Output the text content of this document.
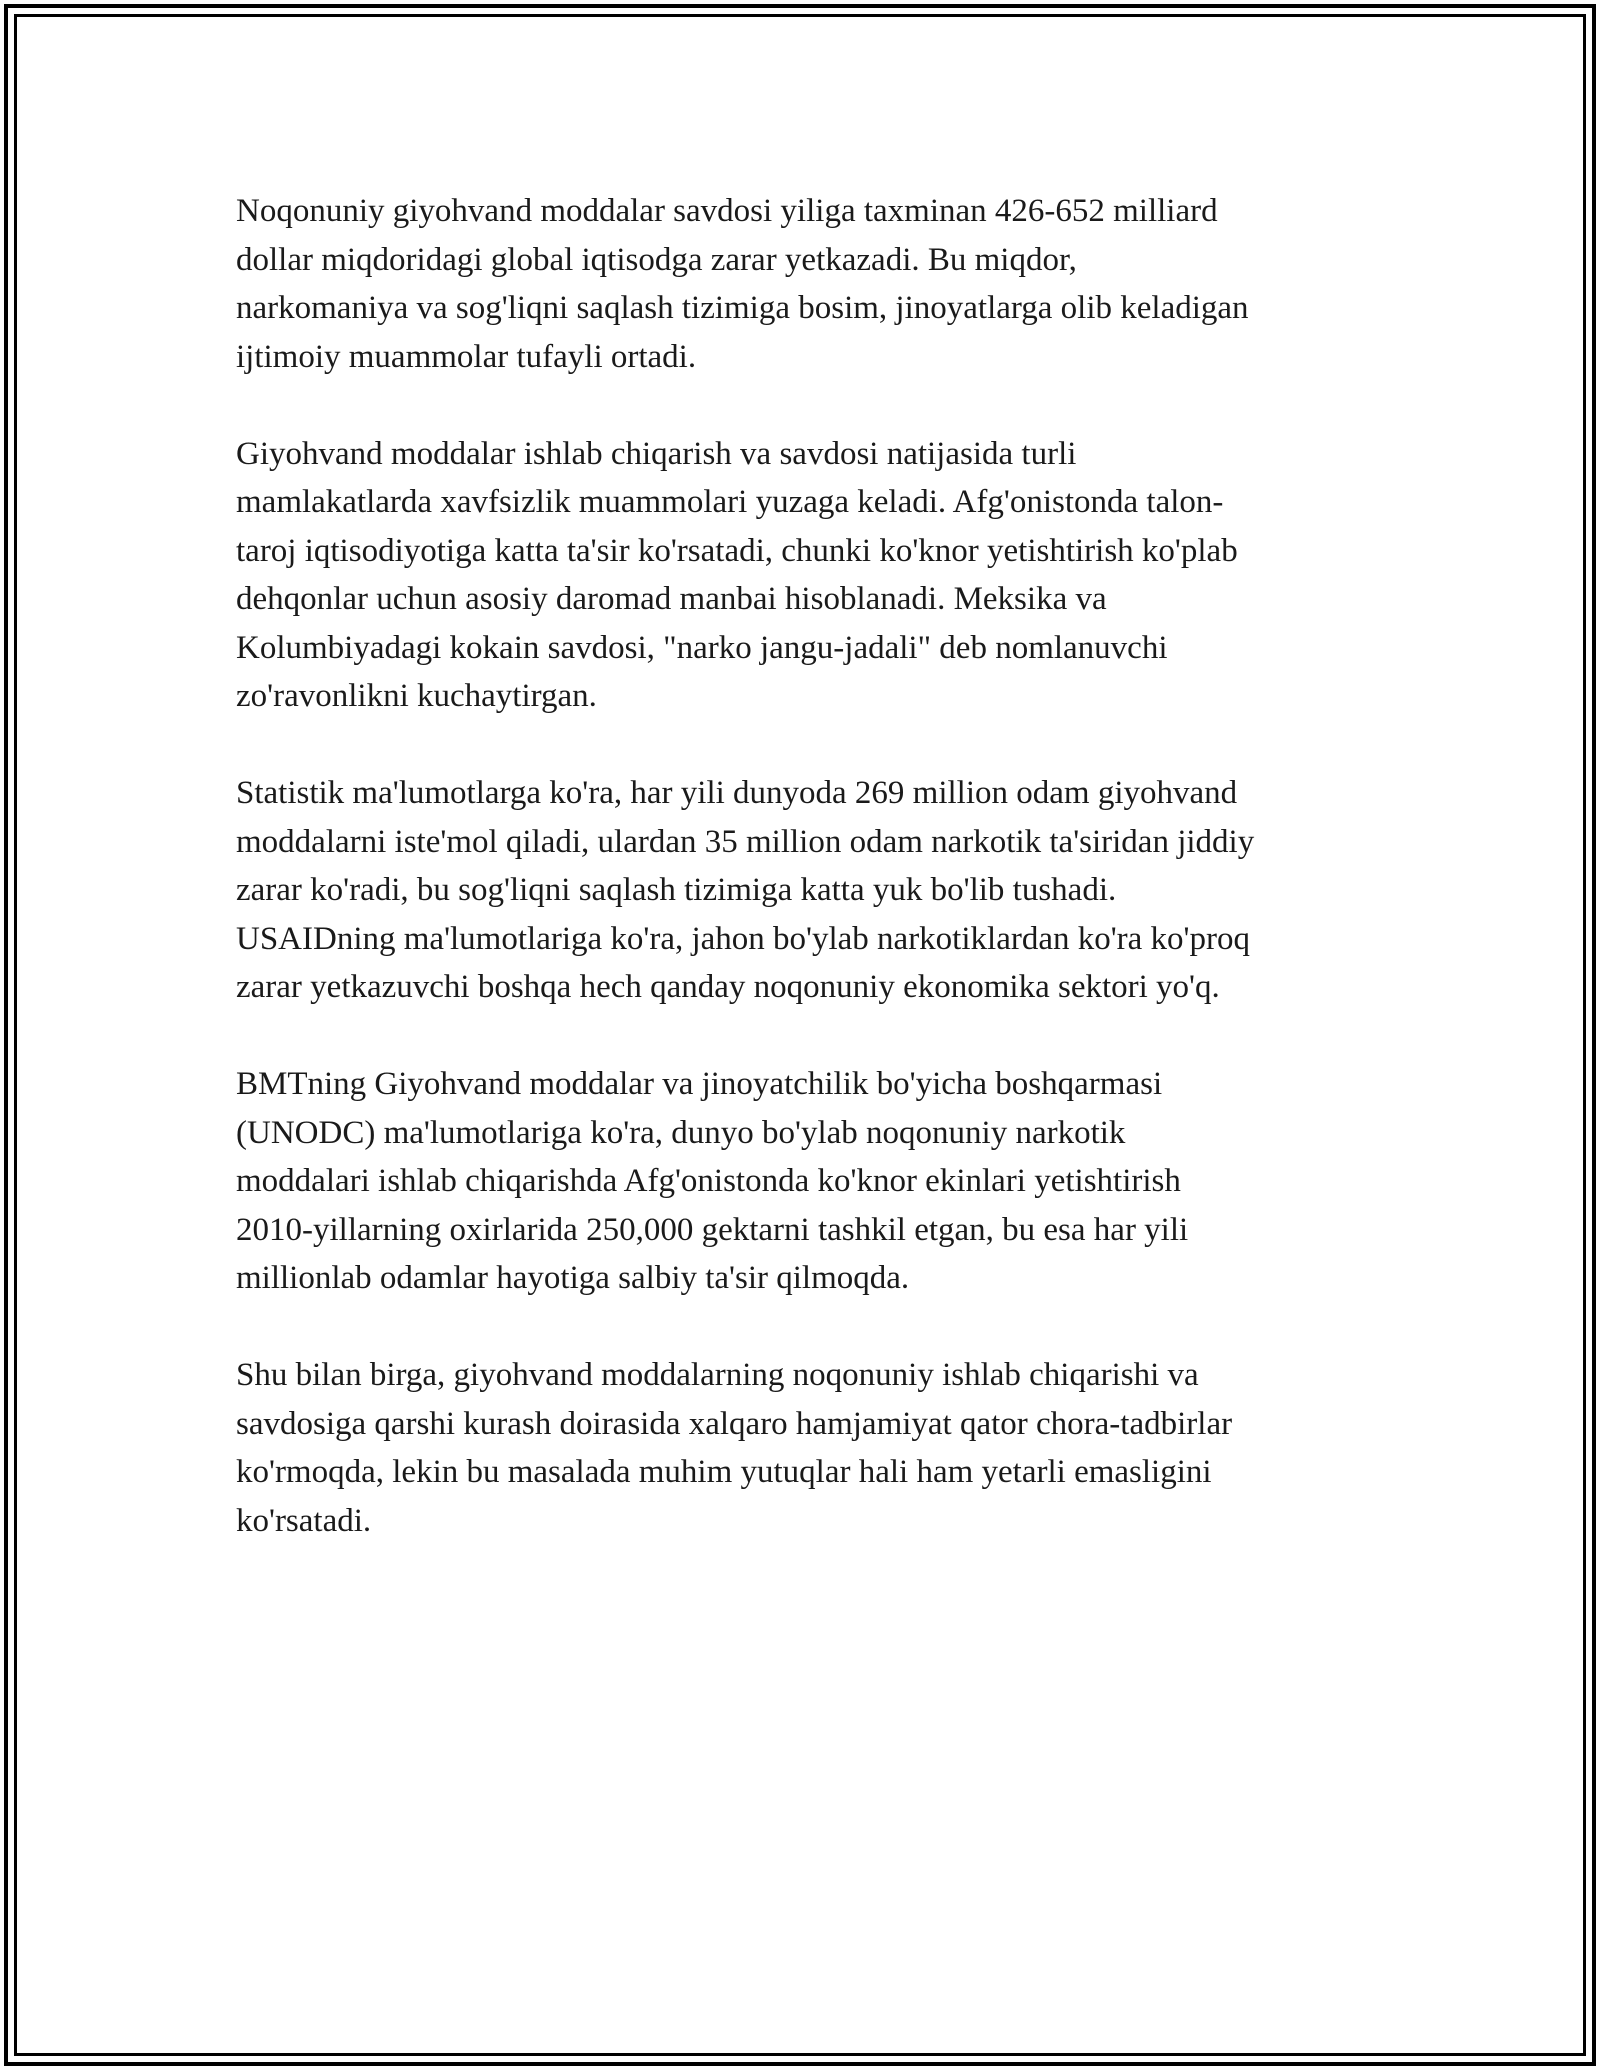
Noqonuniy giyohvand moddalar savdosi yiliga taxminan 426-652 milliard
dollar miqdoridagi global iqtisodga zarar yetkazadi. Bu miqdor,
narkomaniya va sog'liqni saqlash tizimiga bosim, jinoyatlarga olib keladigan
ijtimoiy muammolar tufayli ortadi.

Giyohvand moddalar ishlab chiqarish va savdosi natijasida turli
mamlakatlarda xavfsizlik muammolari yuzaga keladi. Afg'onistonda talon-
taroj iqtisodiyotiga katta ta'sir ko'rsatadi, chunki ko'knor yetishtirish ko'plab
dehqonlar uchun asosiy daromad manbai hisoblanadi. Meksika va
Kolumbiyadagi kokain savdosi, "narko jangu-jadali" deb nomlanuvchi
zo'ravonlikni kuchaytirgan.

Statistik ma'lumotlarga ko'ra, har yili dunyoda 269 million odam giyohvand
moddalarni iste'mol qiladi, ulardan 35 million odam narkotik ta'siridan jiddiy
zarar ko'radi, bu sog'liqni saqlash tizimiga katta yuk bo'lib tushadi.
USAIDning ma'lumotlariga ko'ra, jahon bo'ylab narkotiklardan ko'ra ko'proq
zarar yetkazuvchi boshqa hech qanday noqonuniy ekonomika sektori yo'q.

BMTning Giyohvand moddalar va jinoyatchilik bo'yicha boshqarmasi
(UNODC) ma'lumotlariga ko'ra, dunyo bo'ylab noqonuniy narkotik
moddalari ishlab chiqarishda Afg'onistonda ko'knor ekinlari yetishtirish
2010-yillarning oxirlarida 250,000 gektarni tashkil etgan, bu esa har yili
millionlab odamlar hayotiga salbiy ta'sir qilmoqda.

Shu bilan birga, giyohvand moddalarning noqonuniy ishlab chiqarishi va
savdosiga qarshi kurash doirasida xalqaro hamjamiyat qator chora-tadbirlar
ko'rmoqda, lekin bu masalada muhim yutuqlar hali ham yetarli emasligini
ko'rsatadi.
